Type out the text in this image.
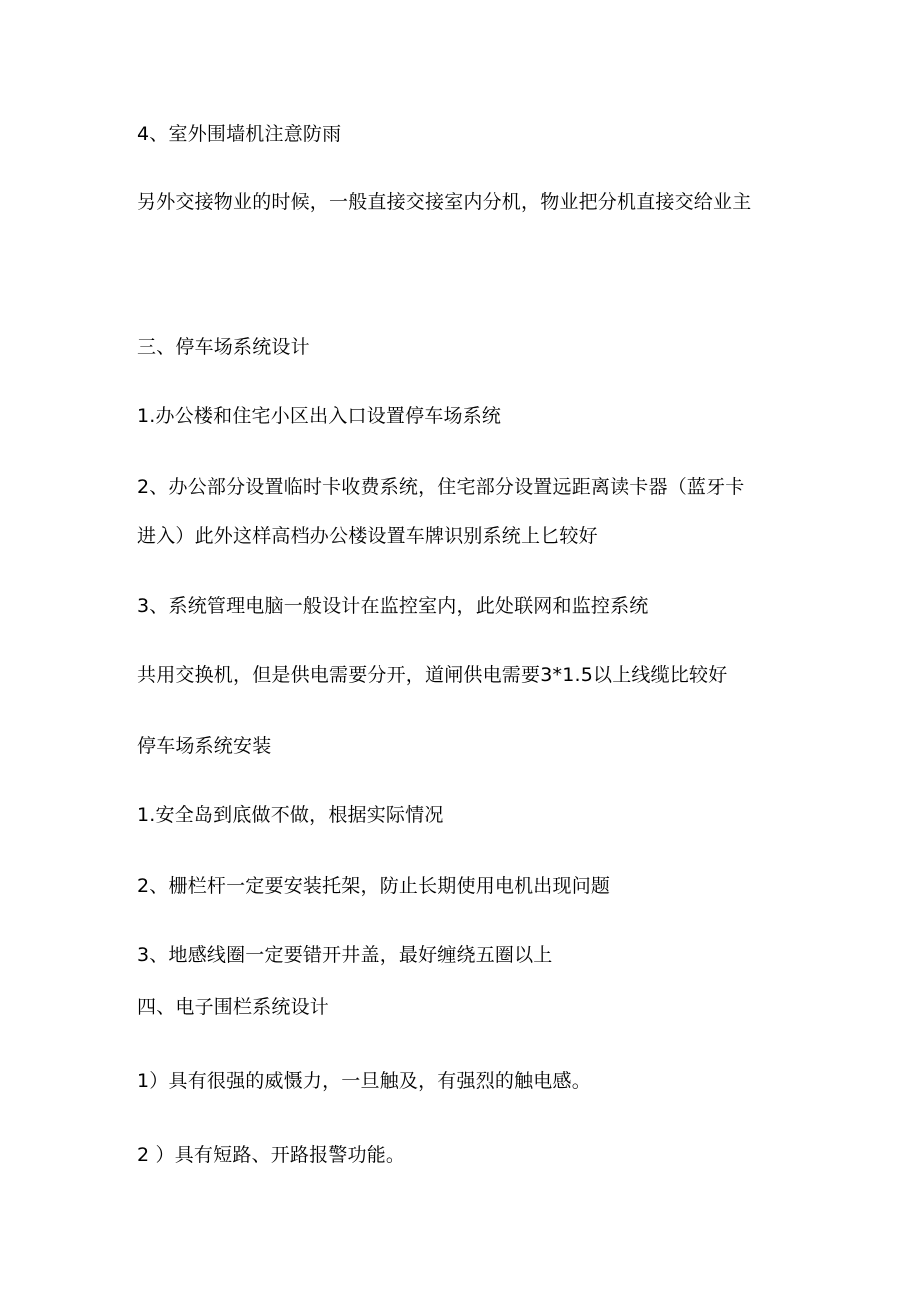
4、室外围墙机注意防雨
另外交接物业的时候，一般直接交接室内分机，物业把分机直接交给业主
三、停车场系统设计
1.办公楼和住宅小区出入口设置停车场系统
2、办公部分设置临时卡收费系统，住宅部分设置远距离读卡器（蓝牙卡
进入）此外这样高档办公楼设置车牌识别系统上匕较好
3、系统管理电脑一般设计在监控室内，此处联网和监控系统
共用交换机，但是供电需要分开，道闸供电需要3*1.5以上线缆比较好
停车场系统安装
1.安全岛到底做不做，根据实际情况
2、栅栏杆一定要安装托架，防止长期使用电机出现问题
3、地感线圈一定要错开井盖，最好缠绕五圈以上
四、电子围栏系统设计
1）具有很强的威慑力，一旦触及，有强烈的触电感。
2 ）具有短路、开路报警功能。
